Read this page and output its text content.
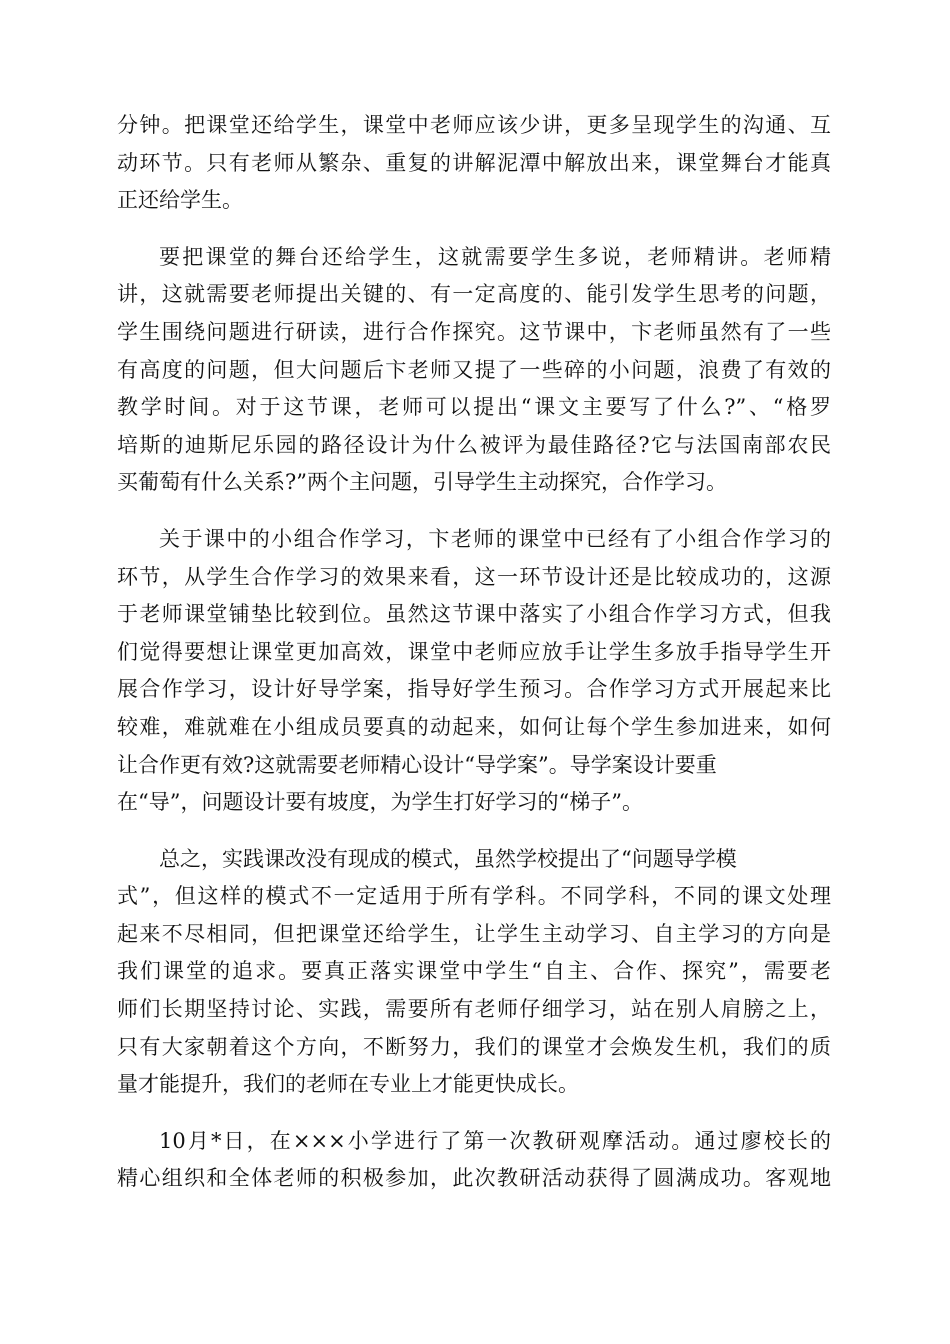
分钟。把课堂还给学生，课堂中老师应该少讲，更多呈现学生的沟通、互
动环节。只有老师从繁杂、重复的讲解泥潭中解放出来，课堂舞台才能真
正还给学生。
要把课堂的舞台还给学生，这就需要学生多说，老师精讲。老师精
讲，这就需要老师提出关键的、有一定高度的、能引发学生思考的问题，
学生围绕问题进行研读，进行合作探究。这节课中，卞老师虽然有了一些
有高度的问题，但大问题后卞老师又提了一些碎的小问题，浪费了有效的
教学时间。对于这节课，老师可以提出“课文主要写了什么?”、“格罗
培斯的迪斯尼乐园的路径设计为什么被评为最佳路径?它与法国南部农民
买葡萄有什么关系?”两个主问题，引导学生主动探究，合作学习。
关于课中的小组合作学习，卞老师的课堂中已经有了小组合作学习的
环节，从学生合作学习的效果来看，这一环节设计还是比较成功的，这源
于老师课堂铺垫比较到位。虽然这节课中落实了小组合作学习方式，但我
们觉得要想让课堂更加高效，课堂中老师应放手让学生多放手指导学生开
展合作学习，设计好导学案，指导好学生预习。合作学习方式开展起来比
较难，难就难在小组成员要真的动起来，如何让每个学生参加进来，如何
让合作更有效?这就需要老师精心设计“导学案”。导学案设计要重
在“导”，问题设计要有坡度，为学生打好学习的“梯子”。
总之，实践课改没有现成的模式，虽然学校提出了“问题导学模
式”，但这样的模式不一定适用于所有学科。不同学科，不同的课文处理
起来不尽相同，但把课堂还给学生，让学生主动学习、自主学习的方向是
我们课堂的追求。要真正落实课堂中学生“自主、合作、探究”，需要老
师们长期坚持讨论、实践，需要所有老师仔细学习，站在别人肩膀之上，
只有大家朝着这个方向，不断努力，我们的课堂才会焕发生机，我们的质
量才能提升，我们的老师在专业上才能更快成长。
10月*日，在×××小学进行了第一次教研观摩活动。通过廖校长的
精心组织和全体老师的积极参加，此次教研活动获得了圆满成功。客观地
